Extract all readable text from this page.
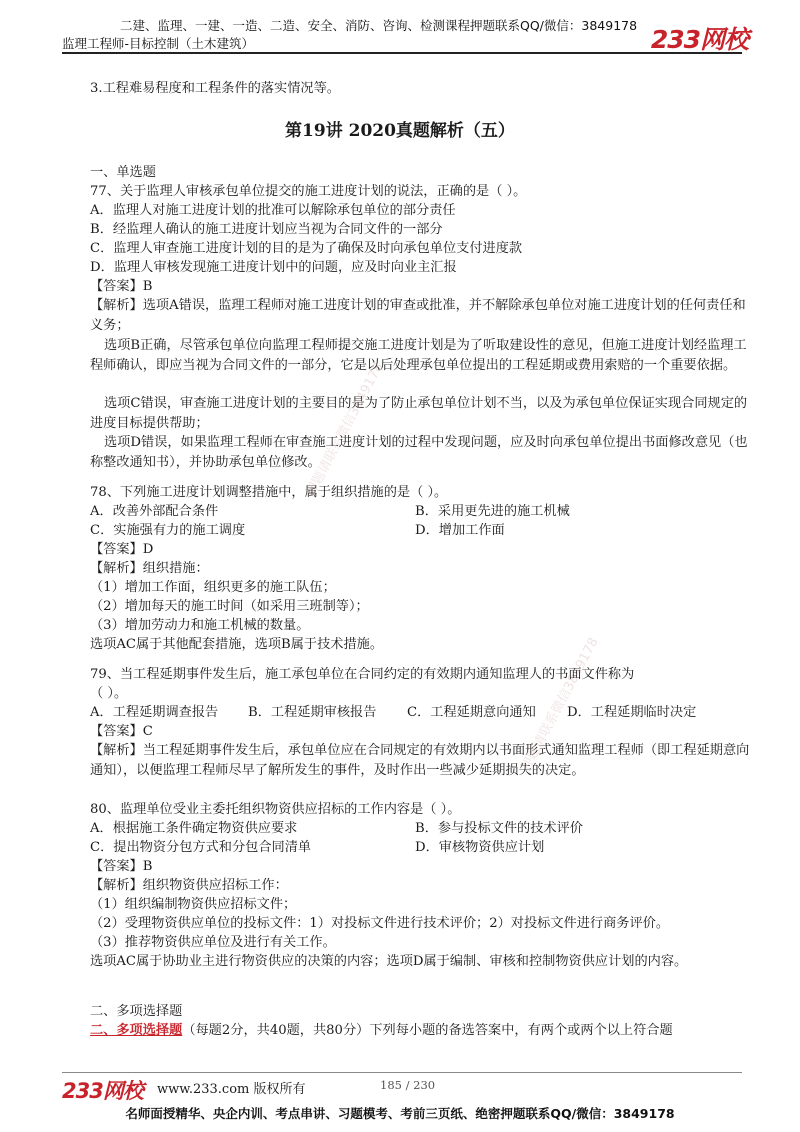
二建、监理、一建、一造、二造、安全、消防、咨询、检测课程押题联系QQ/微信：3849178
监理工程师-目标控制（土木建筑）	233网校
3.工程难易程度和工程条件的落实情况等。
第19讲 2020真题解析（五）
一、单选题
77、关于监理人审核承包单位提交的施工进度计划的说法，正确的是（ ）。
A．监理人对施工进度计划的批准可以解除承包单位的部分责任
B．经监理人确认的施工进度计划应当视为合同文件的一部分
C．监理人审查施工进度计划的目的是为了确保及时向承包单位支付进度款
D．监理人审核发现施工进度计划中的问题，应及时向业主汇报
【答案】B
【解析】选项A错误，监理工程师对施工进度计划的审查或批准，并不解除承包单位对施工进度计划的任何责任和义务；
选项B正确，尽管承包单位向监理工程师提交施工进度计划是为了听取建设性的意见，但施工进度计划经监理工程师确认，即应当视为合同文件的一部分，它是以后处理承包单位提出的工程延期或费用索赔的一个重要依据。
选项C错误，审查施工进度计划的主要目的是为了防止承包单位计划不当，以及为承包单位保证实现合同规定的进度目标提供帮助；
选项D错误，如果监理工程师在审查施工进度计划的过程中发现问题，应及时向承包单位提出书面修改意见（也称整改通知书），并协助承包单位修改。
78、下列施工进度计划调整措施中，属于组织措施的是（ ）。
A．改善外部配合条件	B．采用更先进的施工机械
C．实施强有力的施工调度	D．增加工作面
【答案】D
【解析】组织措施：
（1）增加工作面，组织更多的施工队伍；
（2）增加每天的施工时间（如采用三班制等）；
（3）增加劳动力和施工机械的数量。
选项AC属于其他配套措施，选项B属于技术措施。
79、当工程延期事件发生后，施工承包单位在合同约定的有效期内通知监理人的书面文件称为
（ ）。
A．工程延期调查报告 B．工程延期审核报告 C．工程延期意向通知 D．工程延期临时决定
【答案】C
【解析】当工程延期事件发生后，承包单位应在合同规定的有效期内以书面形式通知监理工程师（即工程延期意向通知），以便监理工程师尽早了解所发生的事件，及时作出一些减少延期损失的决定。
80、监理单位受业主委托组织物资供应招标的工作内容是（ ）。
A．根据施工条件确定物资供应要求	B．参与投标文件的技术评价
C．提出物资分包方式和分包合同清单	D．审核物资供应计划
【答案】B
【解析】组织物资供应招标工作：
（1）组织编制物资供应招标文件；
（2）受理物资供应单位的投标文件：1）对投标文件进行技术评价；2）对投标文件进行商务评价。
（3）推荐物资供应单位及进行有关工作。
选项AC属于协助业主进行物资供应的决策的内容；选项D属于编制、审核和控制物资供应计划的内容。
二、多项选择题
二、多项选择题（每题2分，共40题，共80分）下列每小题的备选答案中，有两个或两个以上符合题
押题请联系微信3849178
押题请联系微信3849178
233网校 www.233.com 版权所有	185 / 230
名师面授精华、央企内训、考点串讲、习题模考、考前三页纸、绝密押题联系QQ/微信：3849178
